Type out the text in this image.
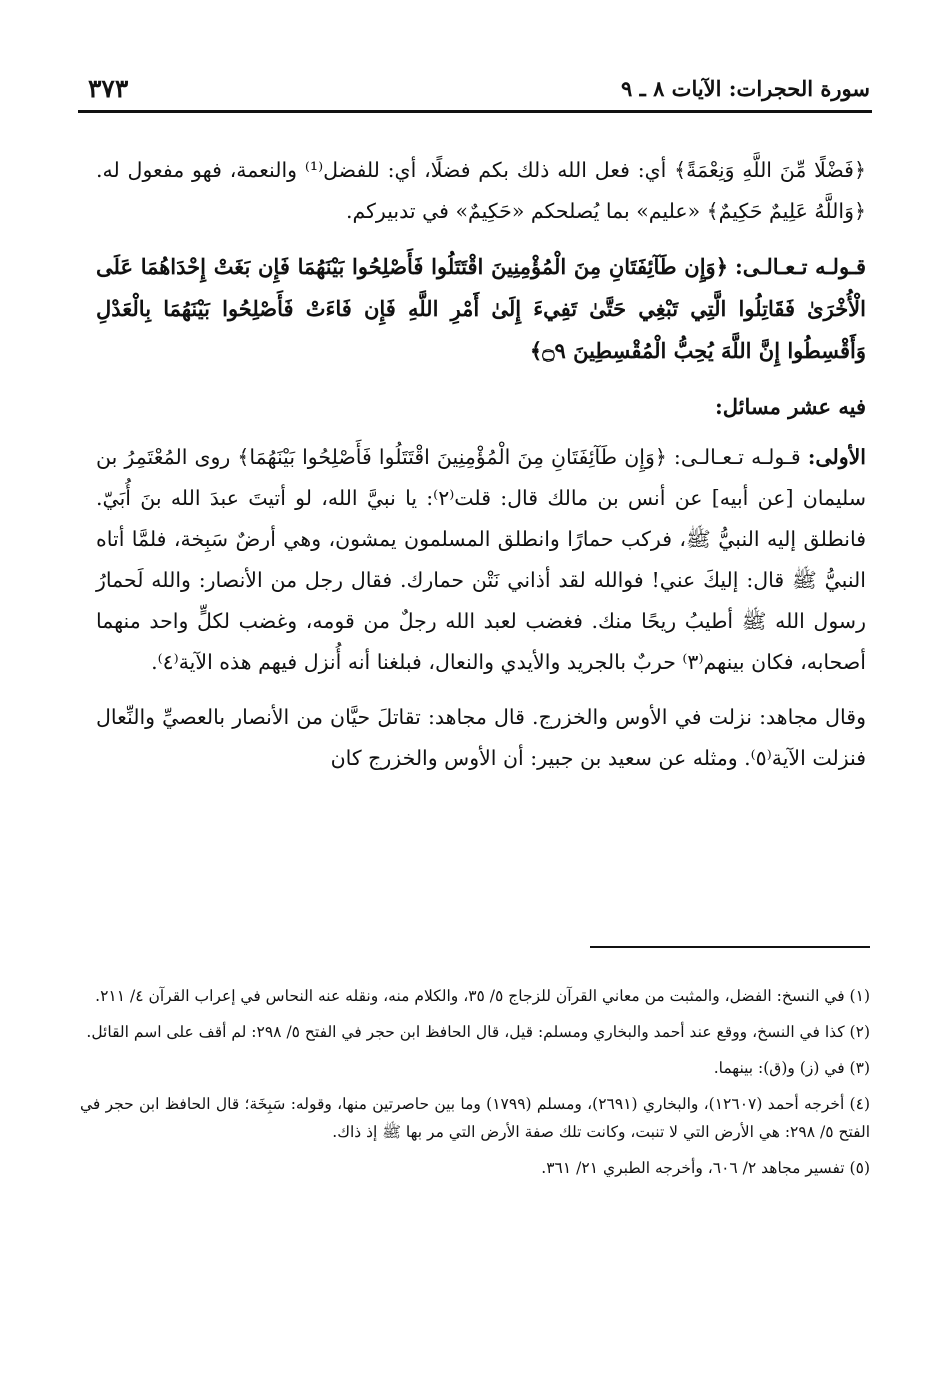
سورة الحجرات: الآيات ٨ ـ ٩
٣٧٣

﴿فَضْلًا مِّنَ اللَّهِ وَنِعْمَةً﴾ أي: فعل الله ذلك بكم فضلًا، أي: للفضل⁽¹⁾ والنعمة، فهو مفعول له. ﴿وَاللَّهُ عَلِيمٌ حَكِيمٌ﴾ «عليم» بما يُصلحكم «حَكِيمٌ» في تدبيركم.

قـولـه تـعـالـى: ﴿وَإِن طَآئِفَتَانِ مِنَ الْمُؤْمِنِينَ اقْتَتَلُوا فَأَصْلِحُوا بَيْنَهُمَا فَإِن بَغَتْ إِحْدَاهُمَا عَلَى الْأُخْرَىٰ فَقَاتِلُوا الَّتِي تَبْغِي حَتَّىٰ تَفِيءَ إِلَىٰ أَمْرِ اللَّهِ فَإِن فَاءَتْ فَأَصْلِحُوا بَيْنَهُمَا بِالْعَدْلِ وَأَقْسِطُوا إِنَّ اللَّهَ يُحِبُّ الْمُقْسِطِينَ ۝٩﴾

فيه عشر مسائل:

الأولى: قـولـه تـعـالـى: ﴿وَإِن طَآئِفَتَانِ مِنَ الْمُؤْمِنِينَ اقْتَتَلُوا فَأَصْلِحُوا بَيْنَهُمَا﴾ روى المُعْتَمِرُ بن سليمان [عن أبيه] عن أنس بن مالك قال: قلت⁽٢⁾: يا نبيَّ الله، لو أتيتَ عبدَ الله بنَ أُبَيّ. فانطلق إليه النبيُّ ﷺ، فركب حمارًا وانطلق المسلمون يمشون، وهي أرضٌ سَبِخة، فلمَّا أتاه النبيُّ ﷺ قال: إليكَ عني! فوالله لقد أذاني نَتْن حمارك. فقال رجل من الأنصار: والله لَحمارُ رسول الله ﷺ أطيبُ ريحًا منك. فغضب لعبد الله رجلٌ من قومه، وغضب لكلٍّ واحد منهما أصحابه، فكان بينهم⁽٣⁾ حربٌ بالجريد والأيدي والنعال، فبلغنا أنه أُنزل فيهم هذه الآية⁽٤⁾.

وقال مجاهد: نزلت في الأوس والخزرج. قال مجاهد: تقاتلَ حيَّان من الأنصار بالعصيِّ والنِّعال فنزلت الآية⁽٥⁾. ومثله عن سعيد بن جبير: أن الأوس والخزرج كان

(١) في النسخ: الفضل، والمثبت من معاني القرآن للزجاج ٥/ ٣٥، والكلام منه، ونقله عنه النحاس في إعراب القرآن ٤/ ٢١١.

(٢) كذا في النسخ، ووقع عند أحمد والبخاري ومسلم: قيل، قال الحافظ ابن حجر في الفتح ٥/ ٢٩٨: لم أقف على اسم القائل.

(٣) في (ز) و(ق): بينهما.

(٤) أخرجه أحمد (١٢٦٠٧)، والبخاري (٢٦٩١)، ومسلم (١٧٩٩) وما بين حاصرتين منها، وقوله: سَبِخَة؛ قال الحافظ ابن حجر في الفتح ٥/ ٢٩٨: هي الأرض التي لا تنبت، وكانت تلك صفة الأرض التي مر بها ﷺ إذ ذاك.

(٥) تفسير مجاهد ٢/ ٦٠٦، وأخرجه الطبري ٢١/ ٣٦١.
